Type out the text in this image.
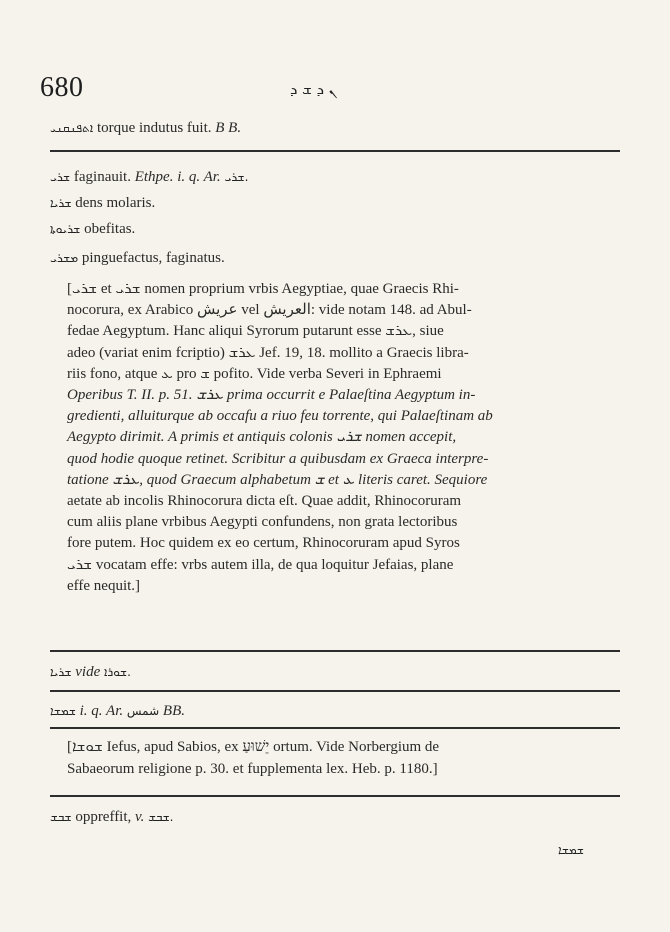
680	ܢ ܕ ܫ ܕ
ܐܬܦܢܩܢܝ torque indutus fuit. B B.
ܫܪܝ faginauit. Ethpe. i. q. Ar. ܫܪܝ.
ܫܪܝܐ dens molaris.
ܫܪܝܘܬܐ obefitas.
ܡܫܪܝ pinguefactus, faginatus.
[ܫܪܝ et ܫܪܝ nomen proprium vrbis Aegyptiae, quae Graecis Rhi-
nocorura, ex Arabico عريش vel العريش: vide notam 148. ad Abul-
fedae Aegyptum. Hanc aliqui Syrorum putarunt esse ܥܪܫ, siue
adeo (variat enim fcriptio) ܥܪܫ Jef. 19, 18. mollito a Graecis libra-
riis fono, atque ܥ pro ܫ pofito. Vide verba Severi in Ephraemi
Operibus T. II. p. 51. ܥܪܫ prima occurrit e Palaeſtina Aegyptum in-
gredienti, alluiturque ab occafu a riuo feu torrente, qui Palaeſtinam ab
Aegypto dirimit. A primis et antiquis colonis ܫܪܝ nomen accepit,
quod hodie quoque retinet. Scribitur a quibusdam ex Graeca interpre-
tatione ܥܪܫ, quod Graecum alphabetum ܫ et ܥ literis caret. Sequiore
aetate ab incolis Rhinocorura dicta eſt. Quae addit, Rhinocoruram
cum aliis plane vrbibus Aegypti confundens, non grata lectoribus
fore putem. Hoc quidem ex eo certum, Rhinocoruram apud Syros
ܫܪܝ vocatam effe: vrbs autem illa, de qua loquitur Jefaias, plane
effe nequit.]
ܫܪܝܐ vide ܫܘܪܐ.
ܫܡܫܐ i. q. Ar. شمس BB.
[ܫܘܫܐ Iefus, apud Sabios, ex יֵשׁוּעַ ortum. Vide Norbergium de
Sabaeorum religione p. 30. et fupplementa lex. Heb. p. 1180.]
ܫܒܫ oppreffit, v. ܫܒܫ.
ܫܡܫܐ
